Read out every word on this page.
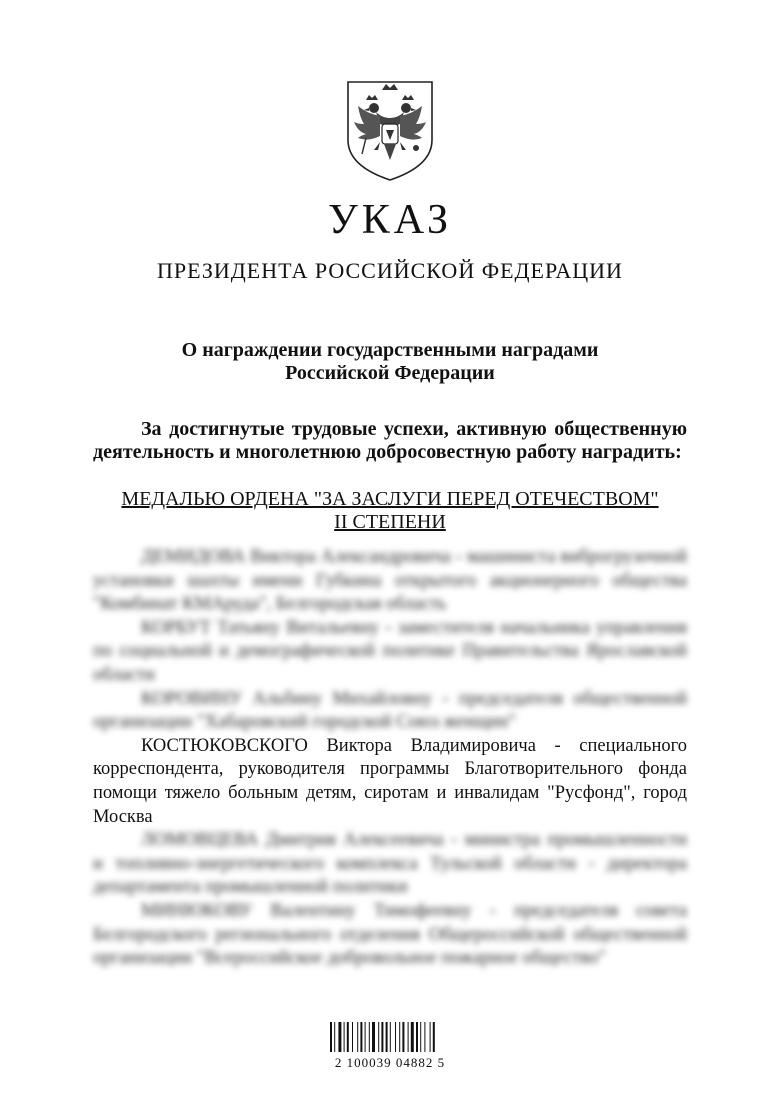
УКАЗ
ПРЕЗИДЕНТА РОССИЙСКОЙ ФЕДЕРАЦИИ
О награждении государственными наградами
Российской Федерации
За достигнутые трудовые успехи, активную общественную деятельность и многолетнюю добросовестную работу наградить:
МЕДАЛЬЮ ОРДЕНА "ЗА ЗАСЛУГИ ПЕРЕД ОТЕЧЕСТВОМ"
II СТЕПЕНИ

ДЕМИДОВА Виктора Александровича - машиниста виброгрузочной установки шахты имени Губкина открытого акционерного общества "Комбинат КМАруда", Белгородская область

КОРБУТ Татьяну Витальевну - заместителя начальника управления по социальной и демографической политике Правительства Ярославской области

КОРОВИНУ Альбину Михайловну - председателя общественной организации "Хабаровский городской Союз женщин"

КОСТЮКОВСКОГО Виктора Владимировича - специального корреспондента, руководителя программы Благотворительного фонда помощи тяжело больным детям, сиротам и инвалидам "Русфонд", город Москва

ЛОМОВЦЕВА Дмитрия Алексеевича - министра промышленности и топливно-энергетического комплекса Тульской области - директора департамента промышленной политики

МИНЮКОВУ Валентину Тимофеевну - председателя совета Белгородского регионального отделения Общероссийской общественной организации "Всероссийское добровольное пожарное общество"

2 100039 04882 5
